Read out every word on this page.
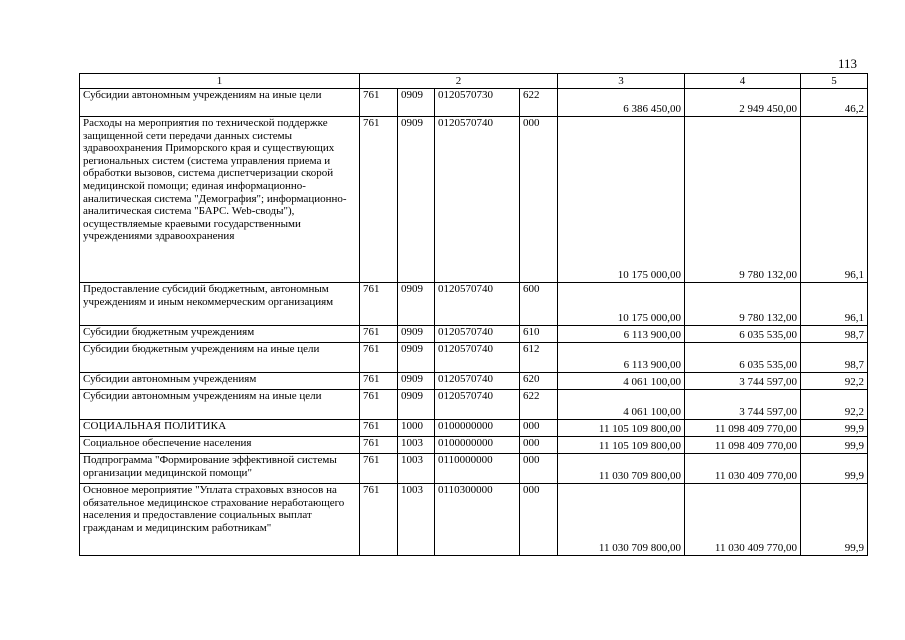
113
1	2				3	4	5
Субсидии автономным учреждениям на иные цели	761	0909	0120570730	622	6 386 450,00	2 949 450,00	46,2
Расходы на мероприятия по технической поддержке защищенной сети передачи данных системы здравоохранения Приморского края и существующих региональных систем (система управления приема и обработки вызовов, система диспетчеризации скорой медицинской помощи; единая информационно-аналитическая система "Демография"; информационно-аналитическая система "БАРС. Web-своды"), осуществляемые краевыми государственными учреждениями здравоохранения	761	0909	0120570740	000	10 175 000,00	9 780 132,00	96,1
Предоставление субсидий бюджетным, автономным учреждениям и иным некоммерческим организациям	761	0909	0120570740	600	10 175 000,00	9 780 132,00	96,1
Субсидии бюджетным учреждениям	761	0909	0120570740	610	6 113 900,00	6 035 535,00	98,7
Субсидии бюджетным учреждениям на иные цели	761	0909	0120570740	612	6 113 900,00	6 035 535,00	98,7
Субсидии автономным учреждениям	761	0909	0120570740	620	4 061 100,00	3 744 597,00	92,2
Субсидии автономным учреждениям на иные цели	761	0909	0120570740	622	4 061 100,00	3 744 597,00	92,2
СОЦИАЛЬНАЯ ПОЛИТИКА	761	1000	0100000000	000	11 105 109 800,00	11 098 409 770,00	99,9
Социальное обеспечение населения	761	1003	0100000000	000	11 105 109 800,00	11 098 409 770,00	99,9
Подпрограмма "Формирование эффективной системы организации медицинской помощи"	761	1003	0110000000	000	11 030 709 800,00	11 030 409 770,00	99,9
Основное мероприятие "Уплата страховых взносов на обязательное медицинское страхование неработающего населения и предоставление социальных выплат гражданам и медицинским работникам"	761	1003	0110300000	000	11 030 709 800,00	11 030 409 770,00	99,9
